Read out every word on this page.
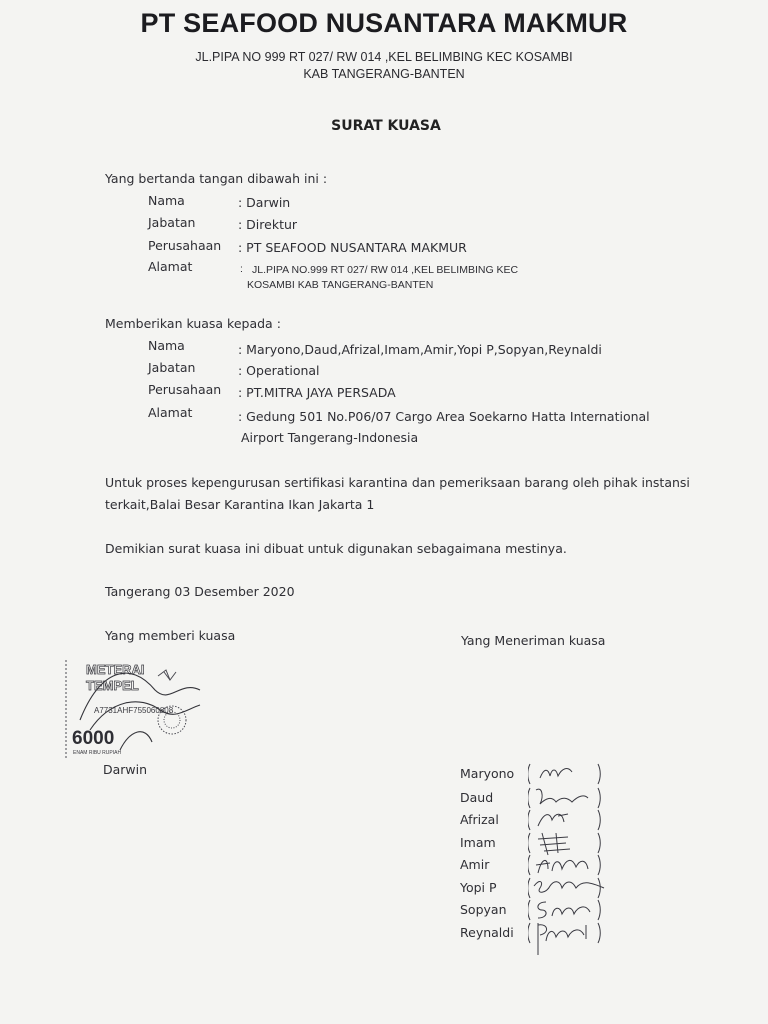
PT SEAFOOD NUSANTARA MAKMUR
JL.PIPA NO 999 RT 027/ RW 014 ,KEL BELIMBING KEC KOSAMBI
KAB TANGERANG-BANTEN
SURAT KUASA
Yang bertanda tangan dibawah ini :
Nama	: Darwin
Jabatan	: Direktur
Perusahaan : PT SEAFOOD NUSANTARA MAKMUR
Alamat	: JL.PIPA NO.999 RT 027/ RW 014 ,KEL BELIMBING KEC
KOSAMBI KAB TANGERANG-BANTEN
Memberikan kuasa kepada :
Nama	: Maryono,Daud,Afrizal,Imam,Amir,Yopi P,Sopyan,Reynaldi
Jabatan	: Operational
Perusahaan : PT.MITRA JAYA PERSADA
Alamat	: Gedung 501 No.P06/07 Cargo Area Soekarno Hatta International
Airport Tangerang-Indonesia
Untuk proses kepengurusan sertifikasi karantina dan pemeriksaan barang oleh pihak instansi
terkait,Balai Besar Karantina Ikan Jakarta 1
Demikian surat kuasa ini dibuat untuk digunakan sebagaimana mestinya.
Tangerang 03 Desember 2020
Yang memberi kuasa	Yang Meneriman kuasa
METERAI
TEMPEL
A7731AHF755060808
6000
ENAM RIBU RUPIAH
Darwin	Maryono
Daud
Afrizal
Imam
Amir
Yopi P
Sopyan
Reynaldi
